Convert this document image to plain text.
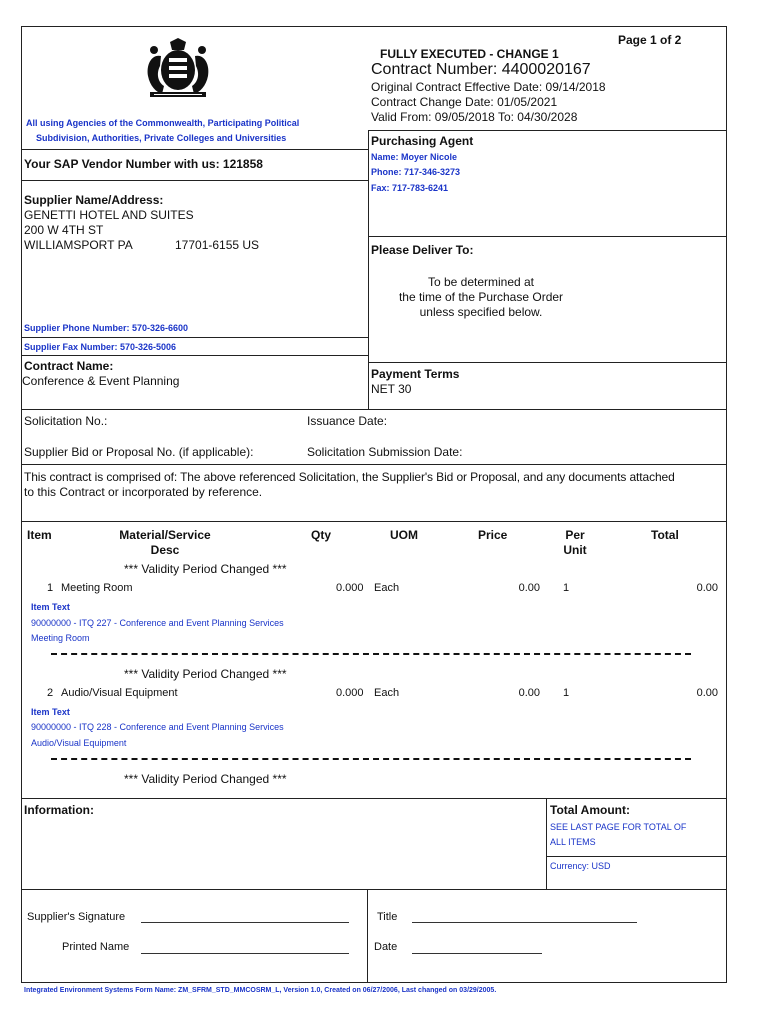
Page 1 of 2
FULLY EXECUTED - CHANGE 1
Contract Number: 4400020167
Original Contract Effective Date: 09/14/2018
Contract Change Date: 01/05/2021
Valid From: 09/05/2018 To: 04/30/2028
All using Agencies of the Commonwealth, Participating Political
Subdivision, Authorities, Private Colleges and Universities
Your SAP Vendor Number with us: 121858
Purchasing Agent
Name: Moyer Nicole
Phone: 717-346-3273
Fax: 717-783-6241
Supplier Name/Address:
GENETTI HOTEL AND SUITES
200 W 4TH ST
WILLIAMSPORT PA	17701-6155 US
Supplier Phone Number: 570-326-6600
Supplier Fax Number: 570-326-5006
Please Deliver To:
To be determined at
the time of the Purchase Order
unless specified below.
Contract Name:
Conference & Event Planning	Payment Terms
NET 30
Solicitation No.:	Issuance Date:
Supplier Bid or Proposal No. (if applicable):	Solicitation Submission Date:
This contract is comprised of: The above referenced Solicitation, the Supplier's Bid or Proposal, and any documents attached
to this Contract or incorporated by reference.
Item	Material/Service
Desc
Qty	UOM	Price	Per
Unit
Total
*** Validity Period Changed ***
1 Meeting Room	0.000 Each	0.00 1	0.00
Item Text
90000000 - ITQ 227 - Conference and Event Planning Services
Meeting Room
*** Validity Period Changed ***
2 Audio/Visual Equipment	0.000 Each	0.00 1	0.00
Item Text
90000000 - ITQ 228 - Conference and Event Planning Services
Audio/Visual Equipment
*** Validity Period Changed ***
Information:	Total Amount:
SEE LAST PAGE FOR TOTAL OF
ALL ITEMS
Currency: USD
Supplier's Signature
Printed Name
Title
Date
Integrated Environment Systems Form Name: ZM_SFRM_STD_MMCOSRM_L, Version 1.0, Created on 06/27/2006, Last changed on 03/29/2005.
